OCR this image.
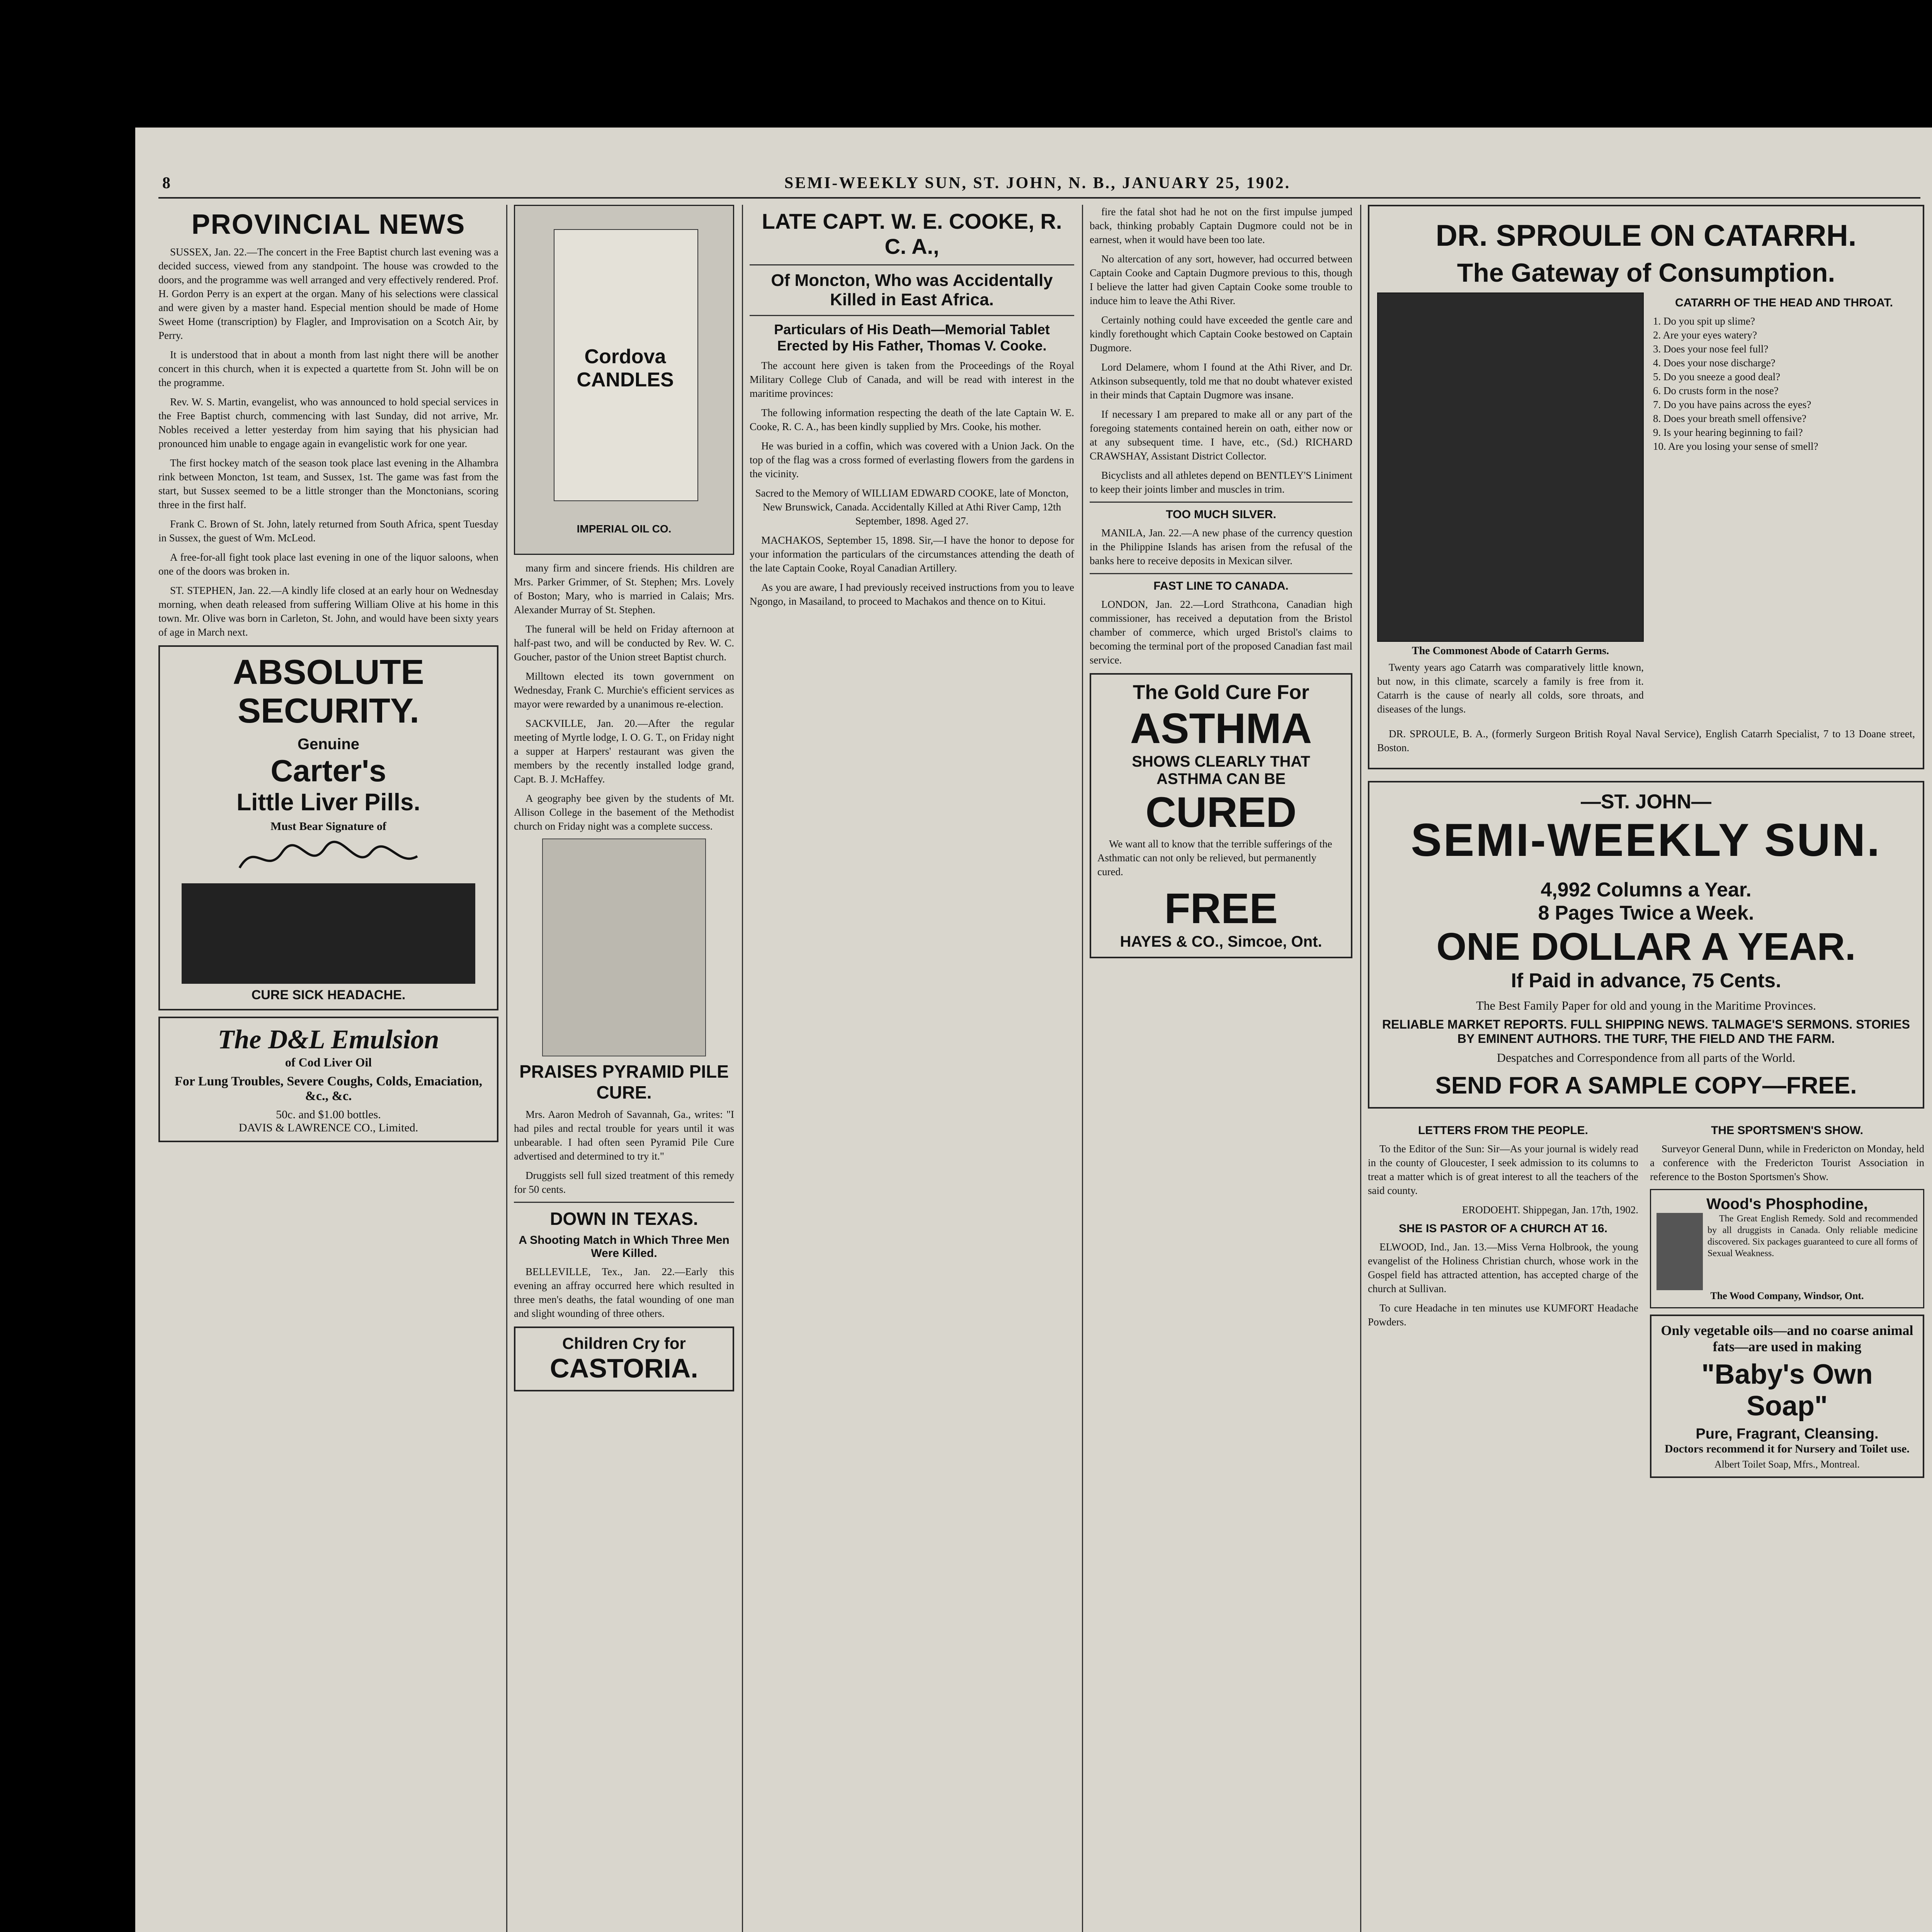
8	SEMI-WEEKLY SUN, ST. JOHN, N. B., JANUARY 25, 1902.
PROVINCIAL NEWS

SUSSEX, Jan. 22.—The concert in the Free Baptist church last evening was a decided success, viewed from any standpoint. The house was crowded to the doors, and the programme was well arranged and very effectively rendered. Prof. H. Gordon Perry is an expert at the organ. Many of his selections were classical and were given by a master hand. Especial mention should be made of Home Sweet Home (transcription) by Flagler, and Improvisation on a Scotch Air, by Perry.

It is understood that in about a month from last night there will be another concert in this church, when it is expected a quartette from St. John will be on the programme.

Rev. W. S. Martin, evangelist, who was announced to hold special services in the Free Baptist church, commencing with last Sunday, did not arrive, Mr. Nobles received a letter yesterday from him saying that his physician had pronounced him unable to engage again in evangelistic work for one year.

The first hockey match of the season took place last evening in the Alhambra rink between Moncton, 1st team, and Sussex, 1st. The game was fast from the start, but Sussex seemed to be a little stronger than the Monctonians, scoring three in the first half.

Frank C. Brown of St. John, lately returned from South Africa, spent Tuesday in Sussex, the guest of Wm. McLeod.

A free-for-all fight took place last evening in one of the liquor saloons, when one of the doors was broken in.

ST. STEPHEN, Jan. 22.—A kindly life closed at an early hour on Wednesday morning, when death released from suffering William Olive at his home in this town. Mr. Olive was born in Carleton, St. John, and would have been sixty years of age in March next.

ABSOLUTE SECURITY.
Genuine
Carter's
Little Liver Pills.
Must Bear Signature of
CURE SICK HEADACHE.
The D&L Emulsion
of Cod Liver Oil
For Lung Troubles, Severe Coughs, Colds, Emaciation, &c., &c.
50c. and $1.00 bottles.
DAVIS & LAWRENCE CO., Limited.
Cordova CANDLES
IMPERIAL OIL CO.

many firm and sincere friends. His children are Mrs. Parker Grimmer, of St. Stephen; Mrs. Lovely of Boston; Mary, who is married in Calais; Mrs. Alexander Murray of St. Stephen.

The funeral will be held on Friday afternoon at half-past two, and will be conducted by Rev. W. C. Goucher, pastor of the Union street Baptist church.

Milltown elected its town government on Wednesday, Frank C. Murchie's efficient services as mayor were rewarded by a unanimous re-election.

SACKVILLE, Jan. 20.—After the regular meeting of Myrtle lodge, I. O. G. T., on Friday night a supper at Harpers' restaurant was given the members by the recently installed lodge grand, Capt. B. J. McHaffey.

A geography bee given by the students of Mt. Allison College in the basement of the Methodist church on Friday night was a complete success.

PRAISES PYRAMID PILE CURE.

Mrs. Aaron Medroh of Savannah, Ga., writes: "I had piles and rectal trouble for years until it was unbearable. I had often seen Pyramid Pile Cure advertised and determined to try it."

Druggists sell full sized treatment of this remedy for 50 cents.

DOWN IN TEXAS.
A Shooting Match in Which Three Men Were Killed.

BELLEVILLE, Tex., Jan. 22.—Early this evening an affray occurred here which resulted in three men's deaths, the fatal wounding of one man and slight wounding of three others.

Children Cry for
CASTORIA.
LATE CAPT. W. E. COOKE, R. C. A.,
Of Moncton, Who was Accidentally Killed in East Africa.
Particulars of His Death—Memorial Tablet Erected by His Father, Thomas V. Cooke.

The account here given is taken from the Proceedings of the Royal Military College Club of Canada, and will be read with interest in the maritime provinces:

The following information respecting the death of the late Captain W. E. Cooke, R. C. A., has been kindly supplied by Mrs. Cooke, his mother.

He was buried in a coffin, which was covered with a Union Jack. On the top of the flag was a cross formed of everlasting flowers from the gardens in the vicinity.

Sacred to the Memory of WILLIAM EDWARD COOKE, late of Moncton, New Brunswick, Canada. Accidentally Killed at Athi River Camp, 12th September, 1898. Aged 27.

MACHAKOS, September 15, 1898. Sir,—I have the honor to depose for your information the particulars of the circumstances attending the death of the late Captain Cooke, Royal Canadian Artillery.

As you are aware, I had previously received instructions from you to leave Ngongo, in Masailand, to proceed to Machakos and thence on to Kitui.

fire the fatal shot had he not on the first impulse jumped back, thinking probably Captain Dugmore could not be in earnest, when it would have been too late.

No altercation of any sort, however, had occurred between Captain Cooke and Captain Dugmore previous to this, though I believe the latter had given Captain Cooke some trouble to induce him to leave the Athi River.

Certainly nothing could have exceeded the gentle care and kindly forethought which Captain Cooke bestowed on Captain Dugmore.

Lord Delamere, whom I found at the Athi River, and Dr. Atkinson subsequently, told me that no doubt whatever existed in their minds that Captain Dugmore was insane.

If necessary I am prepared to make all or any part of the foregoing statements contained herein on oath, either now or at any subsequent time. I have, etc., (Sd.) RICHARD CRAWSHAY, Assistant District Collector.

Bicyclists and all athletes depend on BENTLEY'S Liniment to keep their joints limber and muscles in trim.

TOO MUCH SILVER.

MANILA, Jan. 22.—A new phase of the currency question in the Philippine Islands has arisen from the refusal of the banks here to receive deposits in Mexican silver.

FAST LINE TO CANADA.

LONDON, Jan. 22.—Lord Strathcona, Canadian high commissioner, has received a deputation from the Bristol chamber of commerce, which urged Bristol's claims to becoming the terminal port of the proposed Canadian fast mail service.

The Gold Cure For
ASTHMA
SHOWS CLEARLY THAT ASTHMA CAN BE
CURED

We want all to know that the terrible sufferings of the Asthmatic can not only be relieved, but permanently cured.

FREE
HAYES & CO., Simcoe, Ont.
DR. SPROULE ON CATARRH.
The Gateway of Consumption.
The Commonest Abode of Catarrh Germs.

Twenty years ago Catarrh was comparatively little known, but now, in this climate, scarcely a family is free from it. Catarrh is the cause of nearly all colds, sore throats, and diseases of the lungs.

CATARRH OF THE HEAD AND THROAT.
1. Do you spit up slime?
2. Are your eyes watery?
3. Does your nose feel full?
4. Does your nose discharge?
5. Do you sneeze a good deal?
6. Do crusts form in the nose?
7. Do you have pains across the eyes?
8. Does your breath smell offensive?
9. Is your hearing beginning to fail?
10. Are you losing your sense of smell?

DR. SPROULE, B. A., (formerly Surgeon British Royal Naval Service), English Catarrh Specialist, 7 to 13 Doane street, Boston.

—ST. JOHN—
SEMI-WEEKLY SUN.
4,992 Columns a Year.
8 Pages Twice a Week.
ONE DOLLAR A YEAR.
If Paid in advance, 75 Cents.
The Best Family Paper for old and young in the Maritime Provinces.
RELIABLE MARKET REPORTS. FULL SHIPPING NEWS. TALMAGE'S SERMONS. STORIES BY EMINENT AUTHORS. THE TURF, THE FIELD AND THE FARM.
Despatches and Correspondence from all parts of the World.
SEND FOR A SAMPLE COPY—FREE.
LETTERS FROM THE PEOPLE.

To the Editor of the Sun: Sir—As your journal is widely read in the county of Gloucester, I seek admission to its columns to treat a matter which is of great interest to all the teachers of the said county.

ERODOEHT. Shippegan, Jan. 17th, 1902.

SHE IS PASTOR OF A CHURCH AT 16.

ELWOOD, Ind., Jan. 13.—Miss Verna Holbrook, the young evangelist of the Holiness Christian church, whose work in the Gospel field has attracted attention, has accepted charge of the church at Sullivan.

To cure Headache in ten minutes use KUMFORT Headache Powders.

THE SPORTSMEN'S SHOW.

Surveyor General Dunn, while in Fredericton on Monday, held a conference with the Fredericton Tourist Association in reference to the Boston Sportsmen's Show.

Wood's Phosphodine,

The Great English Remedy. Sold and recommended by all druggists in Canada. Only reliable medicine discovered. Six packages guaranteed to cure all forms of Sexual Weakness.

The Wood Company, Windsor, Ont.
Only vegetable oils—and no coarse animal fats—are used in making
"Baby's Own Soap"
Pure, Fragrant, Cleansing.
Doctors recommend it for Nursery and Toilet use.
Albert Toilet Soap, Mfrs., Montreal.
